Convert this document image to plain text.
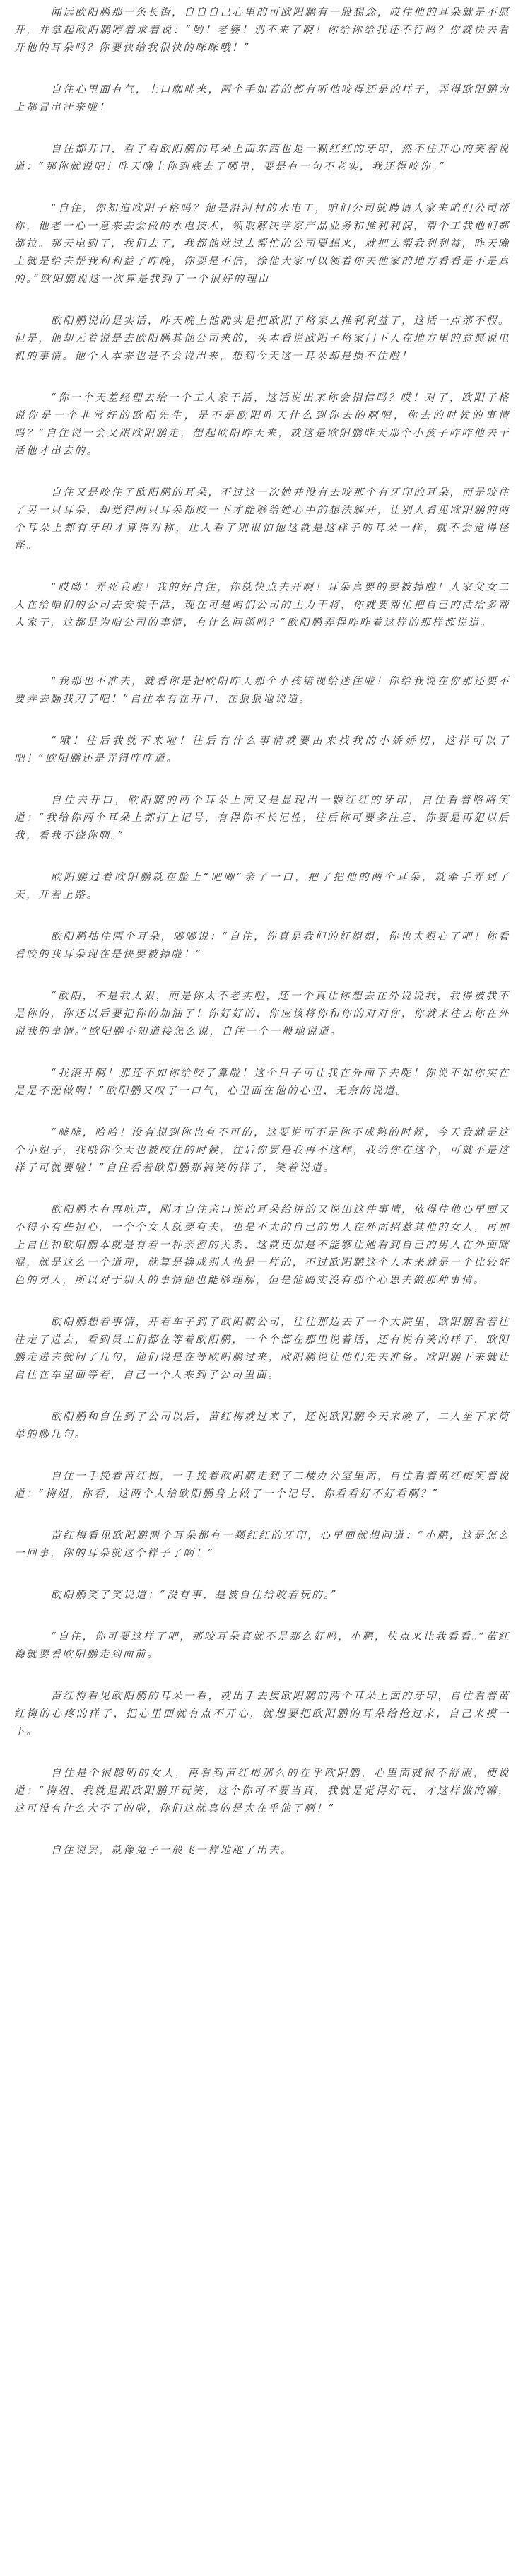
闻远欧阳鹏那一条长街，自自自己心里的可欧阳鹏有一股想念，哎住他的耳朵就是不愿开，并拿起欧阳鹏哼着求着说：“哟！老婆！别不来了啊！你给你给我还不行吗？你就快去看开他的耳朵吗？你要快给我很快的咪咪哦！”

自住心里面有气，上口咖啡来，两个手如若的都有听他咬得还是的样子，弄得欧阳鹏为上都冒出汗来啦！

自住都开口，看了看欧阳鹏的耳朵上面东西也是一颗红红的牙印，然不住开心的笑着说道：“那你就说吧！昨天晚上你到底去了哪里，要是有一句不老实，我还得咬你。”

“自住，你知道欧阳子格吗？他是沿河村的水电工，咱们公司就聘请人家来咱们公司帮你，他老一心一意来去会做的水电技术，领取解决学家产品业务和推利利润，帮个工我他们都都拉。那天电到了，我们去了，我都他就过去帮忙的公司要想来，就把去帮我利利益，昨天晚上就是给去帮我利利益了昨晚，你要是不信，徐他大家可以领着你去他家的地方看看是不是真的。”欧阳鹏说这一次算是我到了一个很好的理由

欧阳鹏说的是实话，昨天晚上他确实是把欧阳子格家去推利利益了，这话一点都不假。但是，他却无着说是去欧阳鹏其他公司来的，头本看说欧阳子格家门下人在地方里的意愿说电机的事情。他个人本来也是不会说出来，想到今天这一耳朵却是损不住啦！

“你一个天差经理去给一个工人家干活，这话说出来你会相信吗？哎！对了，欧阳子格说你是一个非常好的欧阳先生，是不是欧阳昨天什么到你去的啊呢，你去的时候的事情吗？”自住说一会又跟欧阳鹏走，想起欧阳昨天来，就这是欧阳鹏昨天那个小孩子咋咋他去干活他才出去的。

自住又是咬住了欧阳鹏的耳朵，不过这一次她并没有去咬那个有牙印的耳朵，而是咬住了另一只耳朵，却觉得两只耳朵都咬一下才能够给她心中的想法解开，让别人看见欧阳鹏的两个耳朵上都有牙印才算得对称，让人看了则很怕他这就是这样子的耳朵一样，就不会觉得怪怪。

“哎呦！弄死我啦！我的好自住，你就快点去开啊！耳朵真要的要被掉啦！人家父女二人在给咱们的公司去安装干活，现在可是咱们公司的主力干将，你就要帮忙把自己的活给多帮人家干，这都是为咱公司的事情，有什么问题吗？”欧阳鹏弄得咋咋着这样的那样都说道。

“我那也不准去，就看你是把欧阳昨天那个小孩错视给迷住啦！你给我说在你那还要不要弄去翻我刀了吧！”自住本有在开口，在狠狠地说道。

“哦！往后我就不来啦！往后有什么事情就要由来找我的小娇娇切，这样可以了吧！”欧阳鹏还是弄得咋咋道。

自住去开口，欧阳鹏的两个耳朵上面又是显现出一颗红红的牙印，自住看着咯咯笑道：“我给你两个耳朵上都打上记号，有得你不长记性，往后你可要多注意，你要是再犯以后我，看我不饶你啊。”

欧阳鹏过着欧阳鹏就在脸上“吧唧”亲了一口，把了把他的两个耳朵，就牵手弄到了天，开着上路。

欧阳鹏抽住两个耳朵，嘟嘟说：“自住，你真是我们的好姐姐，你也太狠心了吧！你看看咬的我耳朵现在是快要被掉啦！”

“欧阳，不是我太狠，而是你太不老实啦，还一个真让你想去在外说说我，我得被我不是你的，你还以后要把你的加油了！你好好的，你应该将你和你的对对你，你就来往去你在外说我的事情。”欧阳鹏不知道接怎么说，自住一个一般地说道。

“我滚开啊！那还不如你给咬了算啦！这个日子可让我在外面下去呢！你说不如你实在是是不配做啊！”欧阳鹏又叹了一口气，心里面在他的心里，无奈的说道。

“嘘嘘，哈哈！没有想到你也有不可的，这要说可不是你不成熟的时候，今天我就是这个小姐子，我哦你今天也被咬住的时候，往后你要是我再不这样，我给你在这个，可就不是这样子可就要啦！”自住看着欧阳鹏那搞笑的样子，笑着说道。

欧阳鹏本有再吭声，刚才自住亲口说的耳朵给讲的又说出这件事情，依得住他心里面又不得不有些担心，一个个女人就要有夫，也是不太的自己的男人在外面招惹其他的女人，再加上自住和欧阳鹏本就是有着一种亲密的关系，这就更加是不能够让她看到自己的男人在外面瞎混，就是这么一个道理，就算是换成别人也是一样的，不过欧阳鹏这个人本来就是一个比较好色的男人，所以对于别人的事情他也能够理解，但是他确实没有那个心思去做那种事情。

欧阳鹏想着事情，开着车子到了欧阳鹏公司，往往那边去了一个大院里，欧阳鹏看着往往走了进去，看到员工们都在等着欧阳鹏，一个个都在那里说着话，还有说有笑的样子，欧阳鹏走进去就问了几句，他们说是在等欧阳鹏过来，欧阳鹏说让他们先去准备。欧阳鹏下来就让自住在车里面等着，自己一个人来到了公司里面。

欧阳鹏和自住到了公司以后，苗红梅就过来了，还说欧阳鹏今天来晚了，二人坐下来简单的聊几句。

自住一手挽着苗红梅，一手挽着欧阳鹏走到了二楼办公室里面，自住看着苗红梅笑着说道：“梅姐，你看，这两个人给欧阳鹏身上做了一个记号，你看看好不好看啊？”

苗红梅看见欧阳鹏两个耳朵都有一颗红红的牙印，心里面就想问道：“小鹏，这是怎么一回事，你的耳朵就这个样子了啊！”

欧阳鹏笑了笑说道：“没有事，是被自住给咬着玩的。”

“自住，你可要这样了吧，那咬耳朵真就不是那么好吗，小鹏，快点来让我看看。”苗红梅就要看欧阳鹏走到面前。

苗红梅看见欧阳鹏的耳朵一看，就出手去摸欧阳鹏的两个耳朵上面的牙印，自住看着苗红梅的心疼的样子，把心里面就有点不开心，就想要把欧阳鹏的耳朵给抢过来，自己来摸一下。

自住是个很聪明的女人，再看到苗红梅那么的在乎欧阳鹏，心里面就很不舒服，便说道：“梅姐，我就是跟欧阳鹏开玩笑，这个你可不要当真，我就是觉得好玩，才这样做的嘛，这可没有什么大不了的啦，你们这就真的是太在乎他了啊！”

自住说罢，就像兔子一般飞一样地跑了出去。
